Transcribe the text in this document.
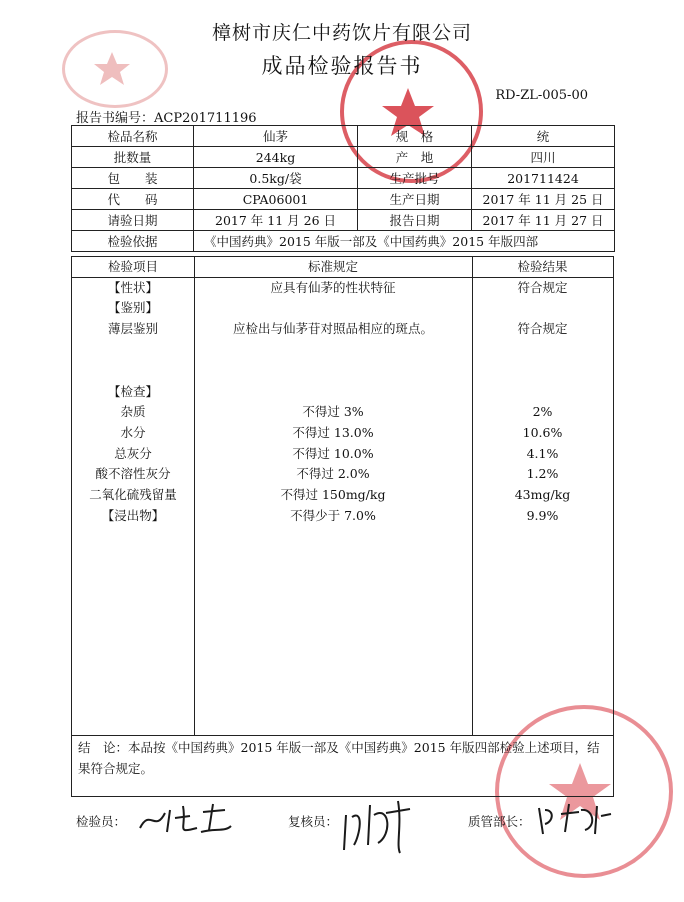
樟树市庆仁中药饮片有限公司
成品检验报告书
RD-ZL-005-00
报告书编号：ACP201711196
检品名称	仙茅	规　格	统
批数量	244kg	产　地	四川
包　　装	0.5kg/袋	生产批号	201711424
代　　码	CPA06001	生产日期	2017 年 11 月 25 日
请验日期	2017 年 11 月 26 日	报告日期	2017 年 11 月 27 日
检验依据	《中国药典》2015 年版一部及《中国药典》2015 年版四部		
检验项目	标准规定	检验结果
【性状】	应具有仙茅的性状特征	符合规定
【鉴别】
薄层鉴别	应检出与仙茅苷对照品相应的斑点。	符合规定
【检查】
杂质	不得过 3%	2%
水分	不得过 13.0%	10.6%
总灰分	不得过 10.0%	4.1%
酸不溶性灰分	不得过 2.0%	1.2%
二氧化硫残留量	不得过 150mg/kg	43mg/kg
【浸出物】	不得少于 7.0%	9.9%
结　论：本品按《中国药典》2015 年版一部及《中国药典》2015 年版四部检验上述项目，结果符合规定。
检验员：	复核员：	质管部长：
